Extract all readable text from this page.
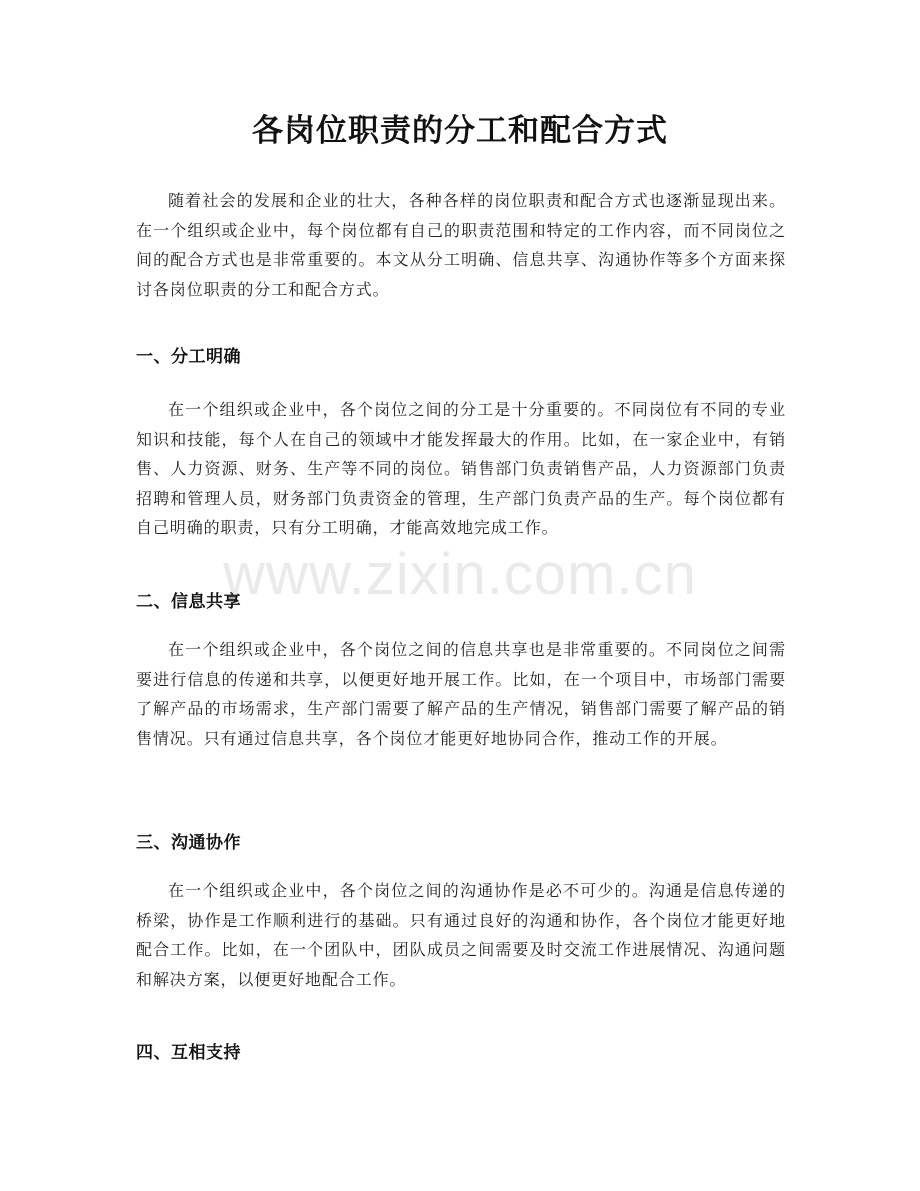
各岗位职责的分工和配合方式

随着社会的发展和企业的壮大，各种各样的岗位职责和配合方式也逐渐显现出来。在一个组织或企业中，每个岗位都有自己的职责范围和特定的工作内容，而不同岗位之间的配合方式也是非常重要的。本文从分工明确、信息共享、沟通协作等多个方面来探讨各岗位职责的分工和配合方式。

一、分工明确

在一个组织或企业中，各个岗位之间的分工是十分重要的。不同岗位有不同的专业知识和技能，每个人在自己的领域中才能发挥最大的作用。比如，在一家企业中，有销售、人力资源、财务、生产等不同的岗位。销售部门负责销售产品，人力资源部门负责招聘和管理人员，财务部门负责资金的管理，生产部门负责产品的生产。每个岗位都有自己明确的职责，只有分工明确，才能高效地完成工作。

二、信息共享

在一个组织或企业中，各个岗位之间的信息共享也是非常重要的。不同岗位之间需要进行信息的传递和共享，以便更好地开展工作。比如，在一个项目中，市场部门需要了解产品的市场需求，生产部门需要了解产品的生产情况，销售部门需要了解产品的销售情况。只有通过信息共享，各个岗位才能更好地协同合作，推动工作的开展。

三、沟通协作

在一个组织或企业中，各个岗位之间的沟通协作是必不可少的。沟通是信息传递的桥梁，协作是工作顺利进行的基础。只有通过良好的沟通和协作，各个岗位才能更好地配合工作。比如，在一个团队中，团队成员之间需要及时交流工作进展情况、沟通问题和解决方案，以便更好地配合工作。

四、互相支持
www.zixin.com.cn
